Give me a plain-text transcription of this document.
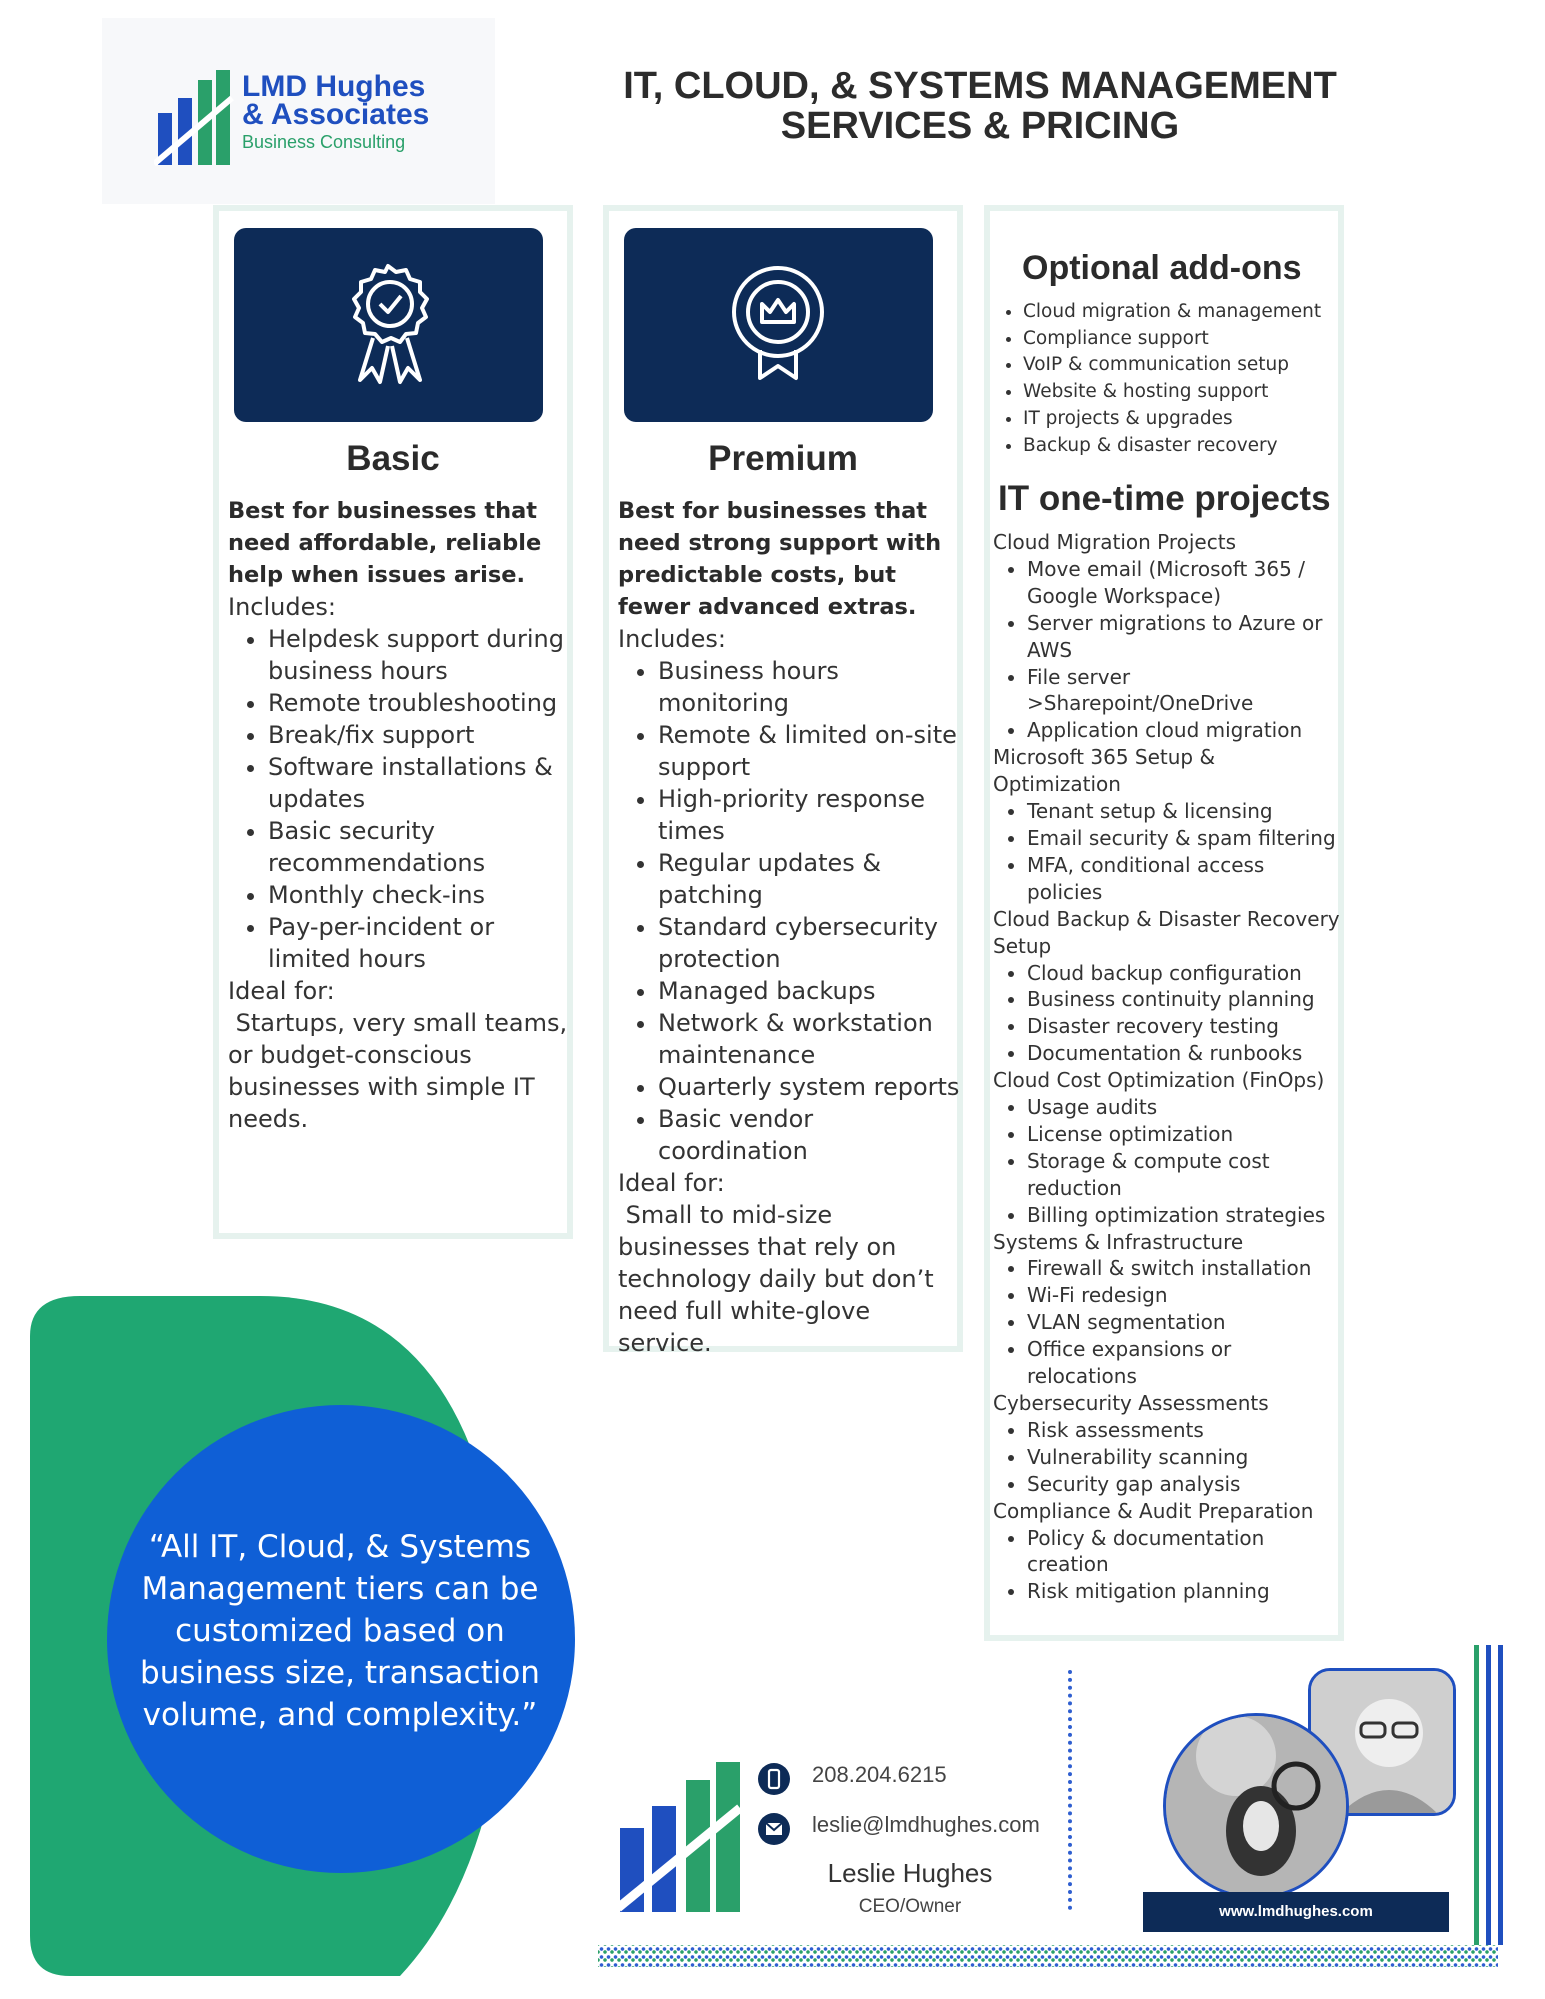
LMD Hughes
& Associates
Business Consulting
IT, CLOUD, & SYSTEMS MANAGEMENT
SERVICES & PRICING
Basic
Best for businesses that need affordable, reliable help when issues arise.
Includes:
• Helpdesk support during business hours
• Remote troubleshooting
• Break/fix support
• Software installations & updates
• Basic security recommendations
• Monthly check-ins
• Pay-per-incident or limited hours
Ideal for:
Startups, very small teams, or budget-conscious businesses with simple IT needs.
Premium
Best for businesses that need strong support with predictable costs, but fewer advanced extras.
Includes:
• Business hours monitoring
• Remote & limited on-site support
• High-priority response times
• Regular updates & patching
• Standard cybersecurity protection
• Managed backups
• Network & workstation maintenance
• Quarterly system reports
• Basic vendor coordination
Ideal for:
Small to mid-size businesses that rely on technology daily but don’t need full white-glove service.
Optional add-ons
• Cloud migration & management
• Compliance support
• VoIP & communication setup
• Website & hosting support
• IT projects & upgrades
• Backup & disaster recovery
IT one-time projects
Cloud Migration Projects
• Move email (Microsoft 365 / Google Workspace)
• Server migrations to Azure or AWS
• File server >Sharepoint/OneDrive
• Application cloud migration
Microsoft 365 Setup & Optimization
• Tenant setup & licensing
• Email security & spam filtering
• MFA, conditional access policies
Cloud Backup & Disaster Recovery Setup
• Cloud backup configuration
• Business continuity planning
• Disaster recovery testing
• Documentation & runbooks
Cloud Cost Optimization (FinOps)
• Usage audits
• License optimization
• Storage & compute cost reduction
• Billing optimization strategies
Systems & Infrastructure
• Firewall & switch installation
• Wi-Fi redesign
• VLAN segmentation
• Office expansions or relocations
Cybersecurity Assessments
• Risk assessments
• Vulnerability scanning
• Security gap analysis
Compliance & Audit Preparation
• Policy & documentation creation
• Risk mitigation planning
“All IT, Cloud, & Systems Management tiers can be customized based on business size, transaction volume, and complexity.”
208.204.6215
leslie@lmdhughes.com
Leslie Hughes
CEO/Owner	www.lmdhughes.com
